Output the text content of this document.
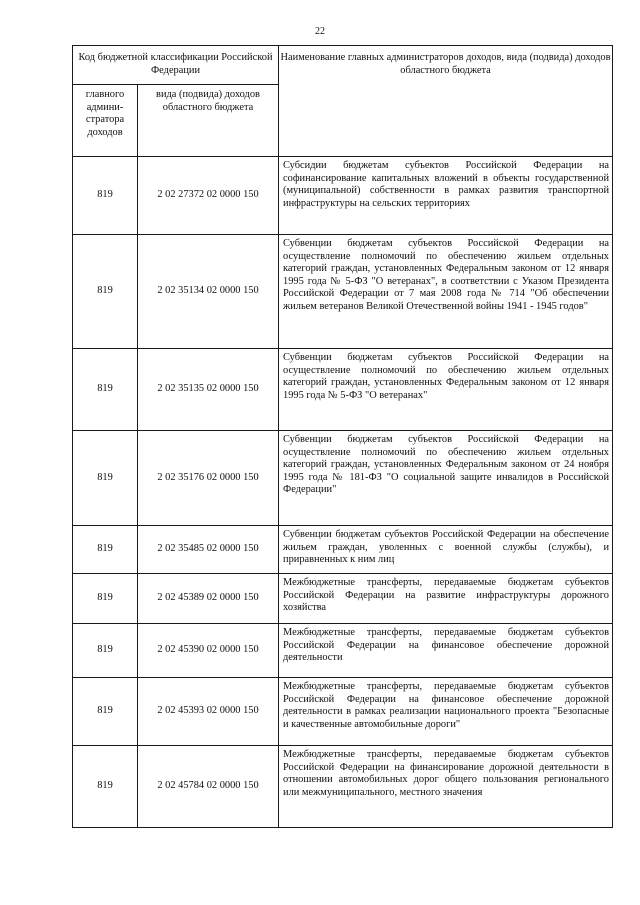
22
Код бюджетной классификации Российской Федерации		Наименование главных администраторов доходов, вида (подвида) доходов областного бюджета
главного админи-стратора доходов	вида (подвида) доходов областного бюджета	
819	2 02 27372 02 0000 150	Субсидии бюджетам субъектов Российской Федерации на софинансирование капитальных вложений в объекты государственной (муниципальной) собственности в рамках развития транспортной инфраструктуры на сельских территориях
819	2 02 35134 02 0000 150	Субвенции бюджетам субъектов Российской Федерации на осуществление полномочий по обеспечению жильем отдельных категорий граждан, установленных Федеральным законом от 12 января 1995 года № 5-ФЗ "О ветеранах", в соответствии с Указом Президента Российской Федерации от 7 мая 2008 года № 714 "Об обеспечении жильем ветеранов Великой Отечественной войны 1941 - 1945 годов"
819	2 02 35135 02 0000 150	Субвенции бюджетам субъектов Российской Федерации на осуществление полномочий по обеспечению жильем отдельных категорий граждан, установленных Федеральным законом от 12 января 1995 года № 5-ФЗ "О ветеранах"
819	2 02 35176 02 0000 150	Субвенции бюджетам субъектов Российской Федерации на осуществление полномочий по обеспечению жильем отдельных категорий граждан, установленных Федеральным законом от 24 ноября 1995 года № 181-ФЗ "О социальной защите инвалидов в Российской Федерации"
819	2 02 35485 02 0000 150	Субвенции бюджетам субъектов Российской Федерации на обеспечение жильем граждан, уволенных с военной службы (службы), и приравненных к ним лиц
819	2 02 45389 02 0000 150	Межбюджетные трансферты, передаваемые бюджетам субъектов Российской Федерации на развитие инфраструктуры дорожного хозяйства
819	2 02 45390 02 0000 150	Межбюджетные трансферты, передаваемые бюджетам субъектов Российской Федерации на финансовое обеспечение дорожной деятельности
819	2 02 45393 02 0000 150	Межбюджетные трансферты, передаваемые бюджетам субъектов Российской Федерации на финансовое обеспечение дорожной деятельности в рамках реализации национального проекта "Безопасные и качественные автомобильные дороги"
819	2 02 45784 02 0000 150	Межбюджетные трансферты, передаваемые бюджетам субъектов Российской Федерации на финансирование дорожной деятельности в отношении автомобильных дорог общего пользования регионального или межмуниципального, местного значения
